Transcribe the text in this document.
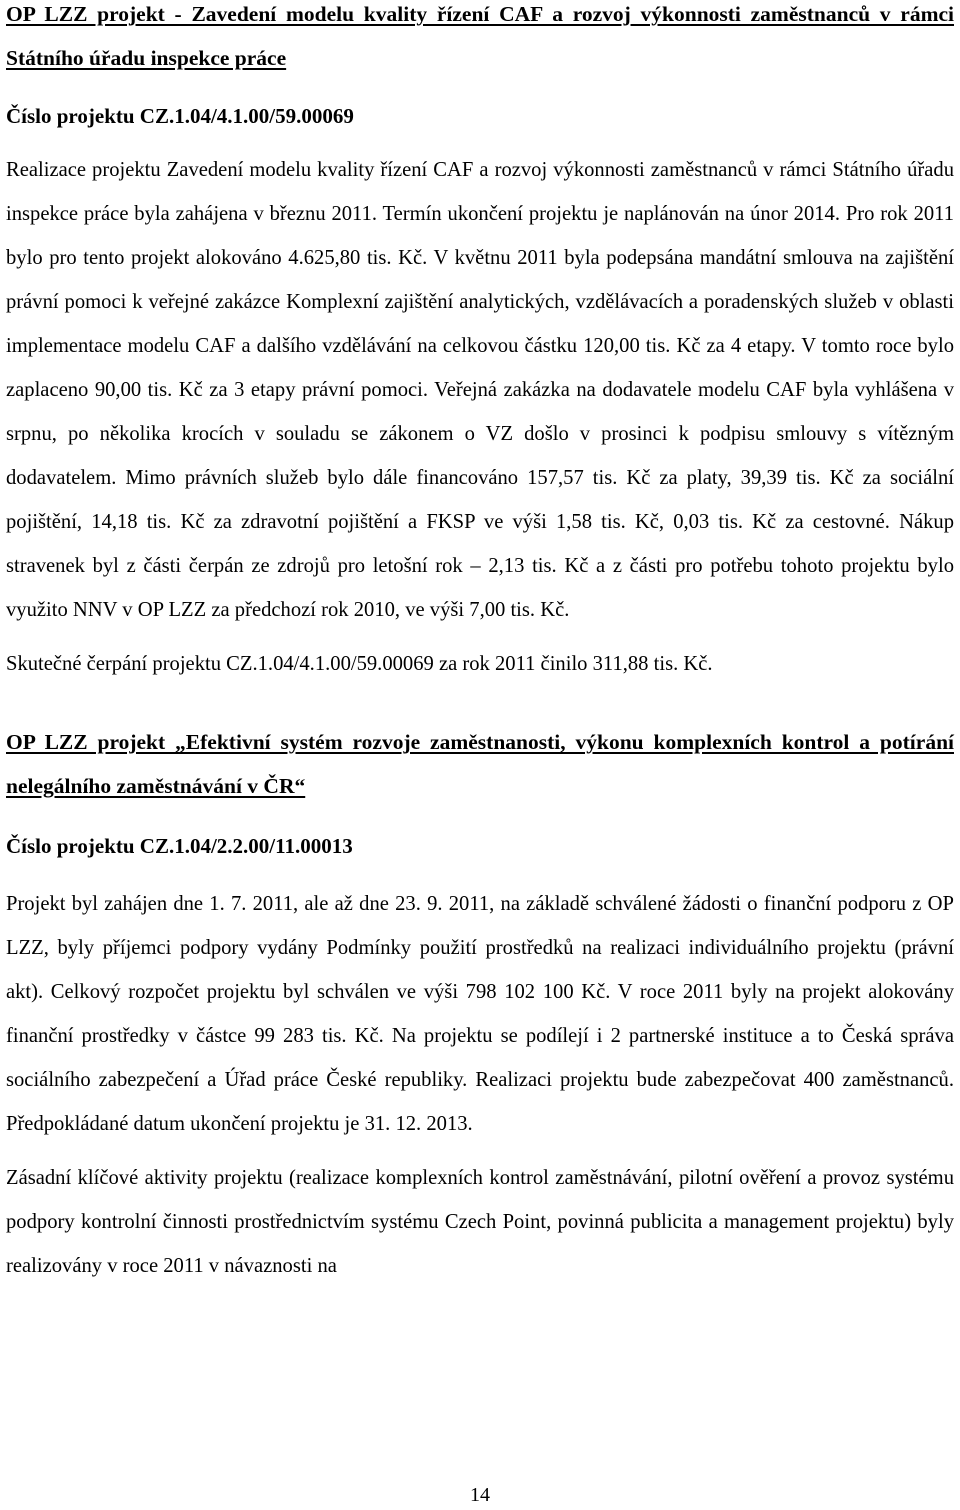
OP LZZ projekt - Zavedení modelu kvality řízení CAF a rozvoj výkonnosti zaměstnanců v rámci Státního úřadu inspekce práce

Číslo projektu CZ.1.04/4.1.00/59.00069

Realizace projektu Zavedení modelu kvality řízení CAF a rozvoj výkonnosti zaměstnanců v rámci Státního úřadu inspekce práce byla zahájena v březnu 2011. Termín ukončení projektu je naplánován na únor 2014. Pro rok 2011 bylo pro tento projekt alokováno 4.625,80 tis. Kč. V květnu 2011 byla podepsána mandátní smlouva na zajištění právní pomoci k veřejné zakázce Komplexní zajištění analytických, vzdělávacích a poradenských služeb v oblasti implementace modelu CAF a dalšího vzdělávání na celkovou částku 120,00 tis. Kč za 4 etapy. V tomto roce bylo zaplaceno 90,00 tis. Kč za 3 etapy právní pomoci. Veřejná zakázka na dodavatele modelu CAF byla vyhlášena v srpnu, po několika krocích v souladu se zákonem o VZ došlo v prosinci k podpisu smlouvy s vítězným dodavatelem. Mimo právních služeb bylo dále financováno 157,57 tis. Kč za platy, 39,39 tis. Kč za sociální pojištění, 14,18 tis. Kč za zdravotní pojištění a FKSP ve výši 1,58 tis. Kč, 0,03 tis. Kč za cestovné. Nákup stravenek byl z části čerpán ze zdrojů pro letošní rok – 2,13 tis. Kč a z části pro potřebu tohoto projektu bylo využito NNV v OP LZZ za předchozí rok 2010, ve výši 7,00 tis. Kč.

Skutečné čerpání projektu CZ.1.04/4.1.00/59.00069 za rok 2011 činilo 311,88 tis. Kč.

OP LZZ projekt „Efektivní systém rozvoje zaměstnanosti, výkonu komplexních kontrol a potírání nelegálního zaměstnávání v ČR“

Číslo projektu CZ.1.04/2.2.00/11.00013

Projekt byl zahájen dne 1. 7. 2011, ale až dne 23. 9. 2011, na základě schválené žádosti o finanční podporu z OP LZZ, byly příjemci podpory vydány Podmínky použití prostředků na realizaci individuálního projektu (právní akt). Celkový rozpočet projektu byl schválen ve výši 798 102 100 Kč. V roce 2011 byly na projekt alokovány finanční prostředky v částce 99 283 tis. Kč. Na projektu se podílejí i 2 partnerské instituce a to Česká správa sociálního zabezpečení a Úřad práce České republiky. Realizaci projektu bude zabezpečovat 400 zaměstnanců. Předpokládané datum ukončení projektu je 31. 12. 2013.

Zásadní klíčové aktivity projektu (realizace komplexních kontrol zaměstnávání, pilotní ověření a provoz systému podpory kontrolní činnosti prostřednictvím systému Czech Point, povinná publicita a management projektu) byly realizovány v roce 2011 v návaznosti na

14
